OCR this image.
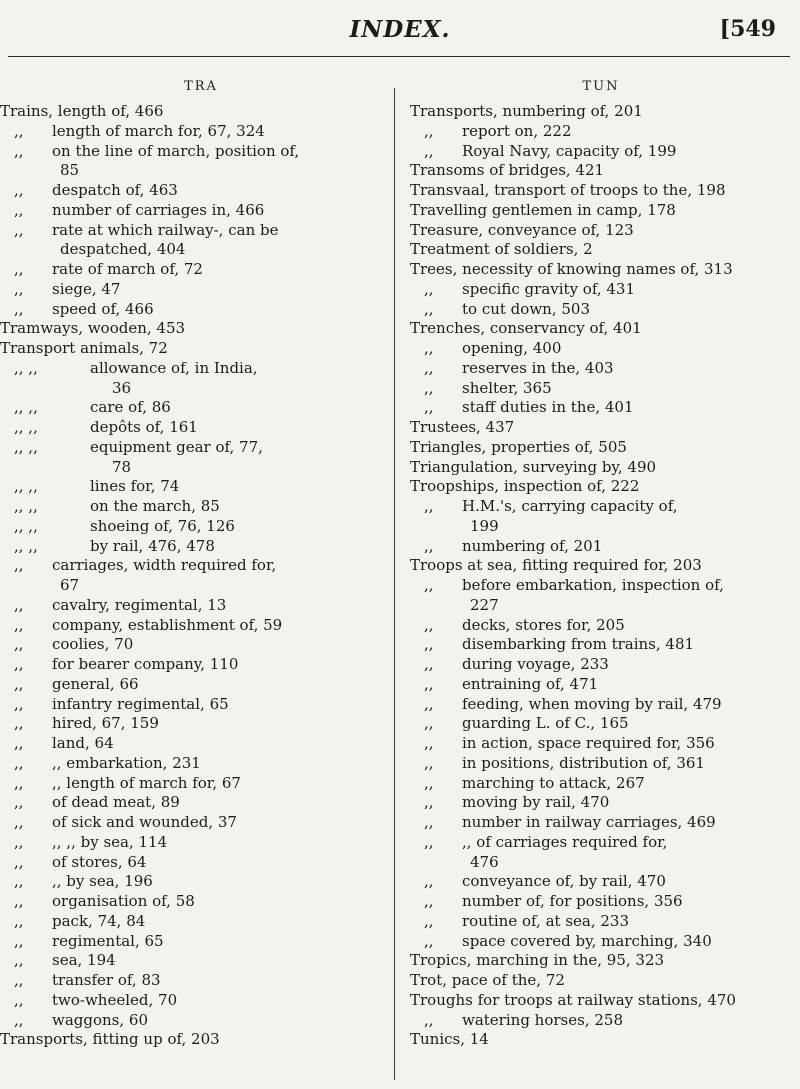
INDEX.	[549
TRA
Trains, length of, 466
,, length of march for, 67, 324
,, on the line of march, position of,
85
,, despatch of, 463
,, number of carriages in, 466
,, rate at which railway-, can be
despatched, 404
,, rate of march of, 72
,, siege, 47
,, speed of, 466
Tramways, wooden, 453
Transport animals, 72
,, ,,	allowance of, in India,
36
,, ,,	care of, 86
,, ,,	depôts of, 161
,, ,,	equipment gear of, 77,
78
,, ,,	lines for, 74
,, ,,	on the march, 85
,, ,,	shoeing of, 76, 126
,, ,,	by rail, 476, 478
,, carriages, width required for,
67
,, cavalry, regimental, 13
,, company, establishment of, 59
,, coolies, 70
,, for bearer company, 110
,, general, 66
,, infantry regimental, 65
,, hired, 67, 159
,, land, 64
,, ,, embarkation, 231
,, ,, length of march for, 67
,, of dead meat, 89
,, of sick and wounded, 37
,, ,, ,, by sea, 114
,, of stores, 64
,, ,, by sea, 196
,, organisation of, 58
,, pack, 74, 84
,, regimental, 65
,, sea, 194
,, transfer of, 83
,, two-wheeled, 70
,, waggons, 60
Transports, fitting up of, 203
TUN
Transports, numbering of, 201
,, report on, 222
,, Royal Navy, capacity of, 199
Transoms of bridges, 421
Transvaal, transport of troops to the, 198
Travelling gentlemen in camp, 178
Treasure, conveyance of, 123
Treatment of soldiers, 2
Trees, necessity of knowing names of, 313
,, specific gravity of, 431
,, to cut down, 503
Trenches, conservancy of, 401
,, opening, 400
,, reserves in the, 403
,, shelter, 365
,, staff duties in the, 401
Trustees, 437
Triangles, properties of, 505
Triangulation, surveying by, 490
Troopships, inspection of, 222
,, H.M.'s, carrying capacity of,
199
,, numbering of, 201
Troops at sea, fitting required for, 203
,, before embarkation, inspection of,
227
,, decks, stores for, 205
,, disembarking from trains, 481
,, during voyage, 233
,, entraining of, 471
,, feeding, when moving by rail, 479
,, guarding L. of C., 165
,, in action, space required for, 356
,, in positions, distribution of, 361
,, marching to attack, 267
,, moving by rail, 470
,, number in railway carriages, 469
,, ,, of carriages required for,
476
,, conveyance of, by rail, 470
,, number of, for positions, 356
,, routine of, at sea, 233
,, space covered by, marching, 340
Tropics, marching in the, 95, 323
Trot, pace of the, 72
Troughs for troops at railway stations, 470
,, watering horses, 258
Tunics, 14
